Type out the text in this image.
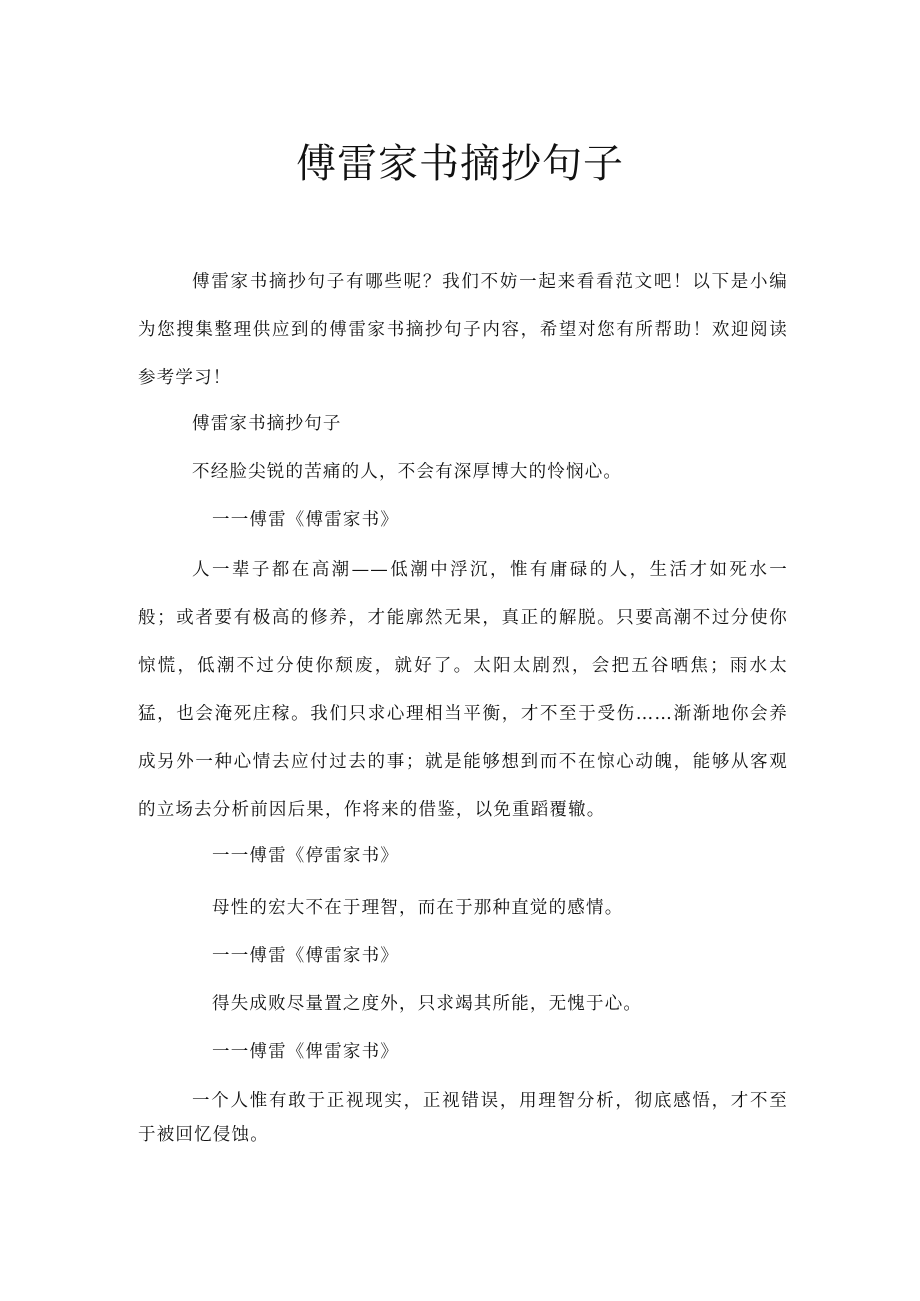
傅雷家书摘抄句子
傅雷家书摘抄句子有哪些呢？我们不妨一起来看看范文吧！以下是小编为您搜集整理供应到的傅雷家书摘抄句子内容，希望对您有所帮助！欢迎阅读参考学习！
傅雷家书摘抄句子
不经脸尖锐的苦痛的人，不会有深厚博大的怜悯心。
一一傅雷《傅雷家书》
人一辈子都在高潮——低潮中浮沉，惟有庸碌的人，生活才如死水一般；或者要有极高的修养，才能廓然无果，真正的解脱。只要高潮不过分使你惊慌，低潮不过分使你颓废，就好了。太阳太剧烈，会把五谷晒焦；雨水太猛，也会淹死庄稼。我们只求心理相当平衡，才不至于受伤……渐渐地你会养成另外一种心情去应付过去的事；就是能够想到而不在惊心动魄，能够从客观的立场去分析前因后果，作将来的借鉴，以免重蹈覆辙。
一一傅雷《停雷家书》
母性的宏大不在于理智，而在于那种直觉的感情。
一一傅雷《傅雷家书》
得失成败尽量置之度外，只求竭其所能，无愧于心。
一一傅雷《俾雷家书》
一个人惟有敢于正视现实，正视错误，用理智分析，彻底感悟，才不至于被回忆侵蚀。
